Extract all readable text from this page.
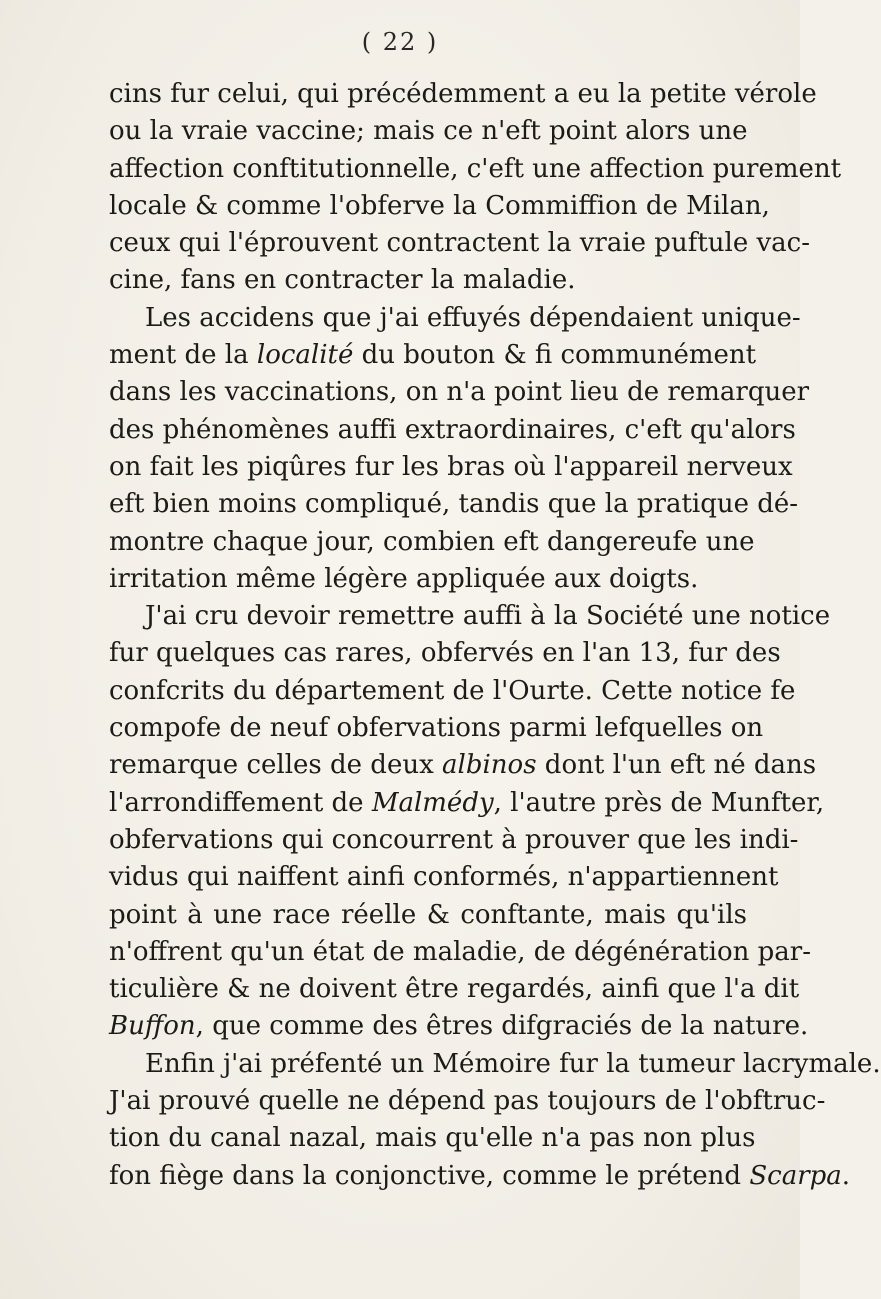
( 22 )
cins fur celui, qui précédemment a eu la petite vérole
ou la vraie vaccine; mais ce n'eft point alors une
affection conftitutionnelle, c'eft une affection purement
locale & comme l'obferve la Commiffion de Milan,
ceux qui l'éprouvent contractent la vraie puftule vac-
cine, fans en contracter la maladie.
Les accidens que j'ai effuyés dépendaient unique-
ment de la localité du bouton & fi communément
dans les vaccinations, on n'a point lieu de remarquer
des phénomènes auffi extraordinaires, c'eft qu'alors
on fait les piqûres fur les bras où l'appareil nerveux
eft bien moins compliqué, tandis que la pratique dé-
montre chaque jour, combien eft dangereufe une
irritation même légère appliquée aux doigts.
J'ai cru devoir remettre auffi à la Société une notice
fur quelques cas rares, obfervés en l'an 13, fur des
confcrits du département de l'Ourte. Cette notice fe
compofe de neuf obfervations parmi lefquelles on
remarque celles de deux albinos dont l'un eft né dans
l'arrondiffement de Malmédy, l'autre près de Munfter,
obfervations qui concourrent à prouver que les indi-
vidus qui naiffent ainfi conformés, n'appartiennent
point à une race réelle & conftante, mais qu'ils
n'offrent qu'un état de maladie, de dégénération par-
ticulière & ne doivent être regardés, ainfi que l'a dit
Buffon, que comme des êtres difgraciés de la nature.
Enfin j'ai préfenté un Mémoire fur la tumeur lacrymale.
J'ai prouvé quelle ne dépend pas toujours de l'obftruc-
tion du canal nazal, mais qu'elle n'a pas non plus
fon fiège dans la conjonctive, comme le prétend Scarpa.
